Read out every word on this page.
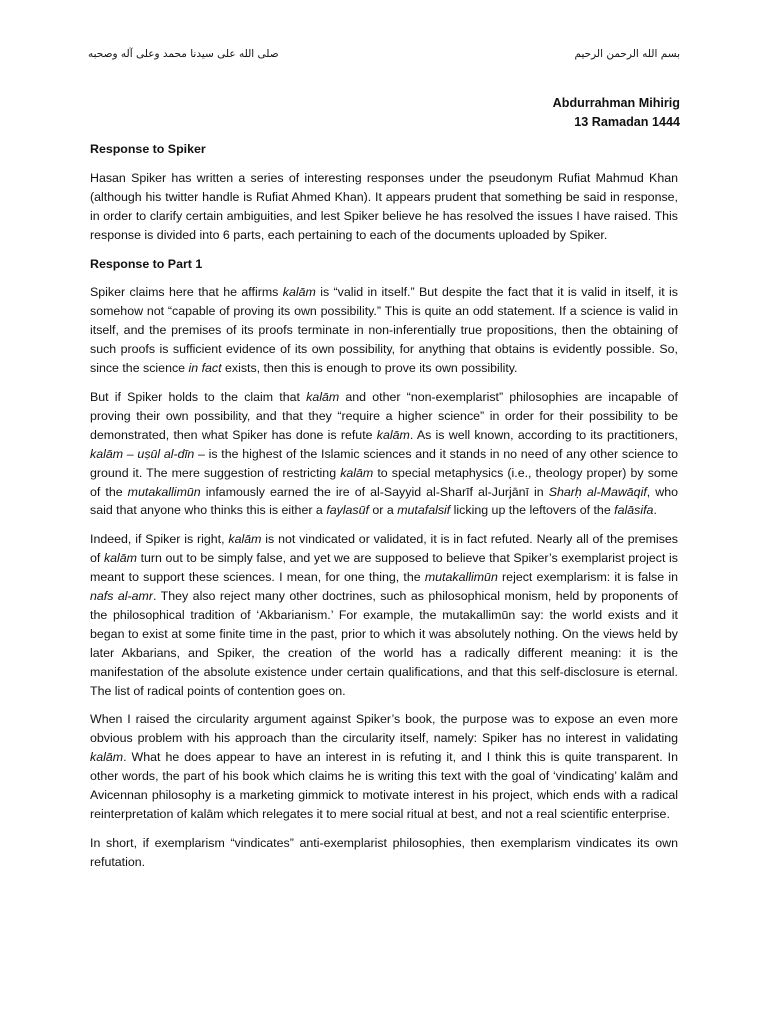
صلى الله على سيدنا محمد وعلى آله وصحبه	بسم الله الرحمن الرحيم
Abdurrahman Mihirig
13 Ramadan 1444
Response to Spiker
Hasan Spiker has written a series of interesting responses under the pseudonym Rufiat Mahmud Khan (although his twitter handle is Rufiat Ahmed Khan). It appears prudent that something be said in response, in order to clarify certain ambiguities, and lest Spiker believe he has resolved the issues I have raised. This response is divided into 6 parts, each pertaining to each of the documents uploaded by Spiker.
Response to Part 1
Spiker claims here that he affirms kalām is “valid in itself.” But despite the fact that it is valid in itself, it is somehow not “capable of proving its own possibility.” This is quite an odd statement. If a science is valid in itself, and the premises of its proofs terminate in non-inferentially true propositions, then the obtaining of such proofs is sufficient evidence of its own possibility, for anything that obtains is evidently possible. So, since the science in fact exists, then this is enough to prove its own possibility.
But if Spiker holds to the claim that kalām and other “non-exemplarist” philosophies are incapable of proving their own possibility, and that they “require a higher science” in order for their possibility to be demonstrated, then what Spiker has done is refute kalām. As is well known, according to its practitioners, kalām – uṣūl al-dīn – is the highest of the Islamic sciences and it stands in no need of any other science to ground it. The mere suggestion of restricting kalām to special metaphysics (i.e., theology proper) by some of the mutakallimūn infamously earned the ire of al-Sayyid al-Sharīf al-Jurjānī in Sharḥ al-Mawāqif, who said that anyone who thinks this is either a faylasūf or a mutafalsif licking up the leftovers of the falāsifa.
Indeed, if Spiker is right, kalām is not vindicated or validated, it is in fact refuted. Nearly all of the premises of kalām turn out to be simply false, and yet we are supposed to believe that Spiker’s exemplarist project is meant to support these sciences. I mean, for one thing, the mutakallimūn reject exemplarism: it is false in nafs al-amr. They also reject many other doctrines, such as philosophical monism, held by proponents of the philosophical tradition of ‘Akbarianism.’ For example, the mutakallimūn say: the world exists and it began to exist at some finite time in the past, prior to which it was absolutely nothing. On the views held by later Akbarians, and Spiker, the creation of the world has a radically different meaning: it is the manifestation of the absolute existence under certain qualifications, and that this self-disclosure is eternal. The list of radical points of contention goes on.
When I raised the circularity argument against Spiker’s book, the purpose was to expose an even more obvious problem with his approach than the circularity itself, namely: Spiker has no interest in validating kalām. What he does appear to have an interest in is refuting it, and I think this is quite transparent. In other words, the part of his book which claims he is writing this text with the goal of ‘vindicating’ kalām and Avicennan philosophy is a marketing gimmick to motivate interest in his project, which ends with a radical reinterpretation of kalām which relegates it to mere social ritual at best, and not a real scientific enterprise.
In short, if exemplarism “vindicates” anti-exemplarist philosophies, then exemplarism vindicates its own refutation.
